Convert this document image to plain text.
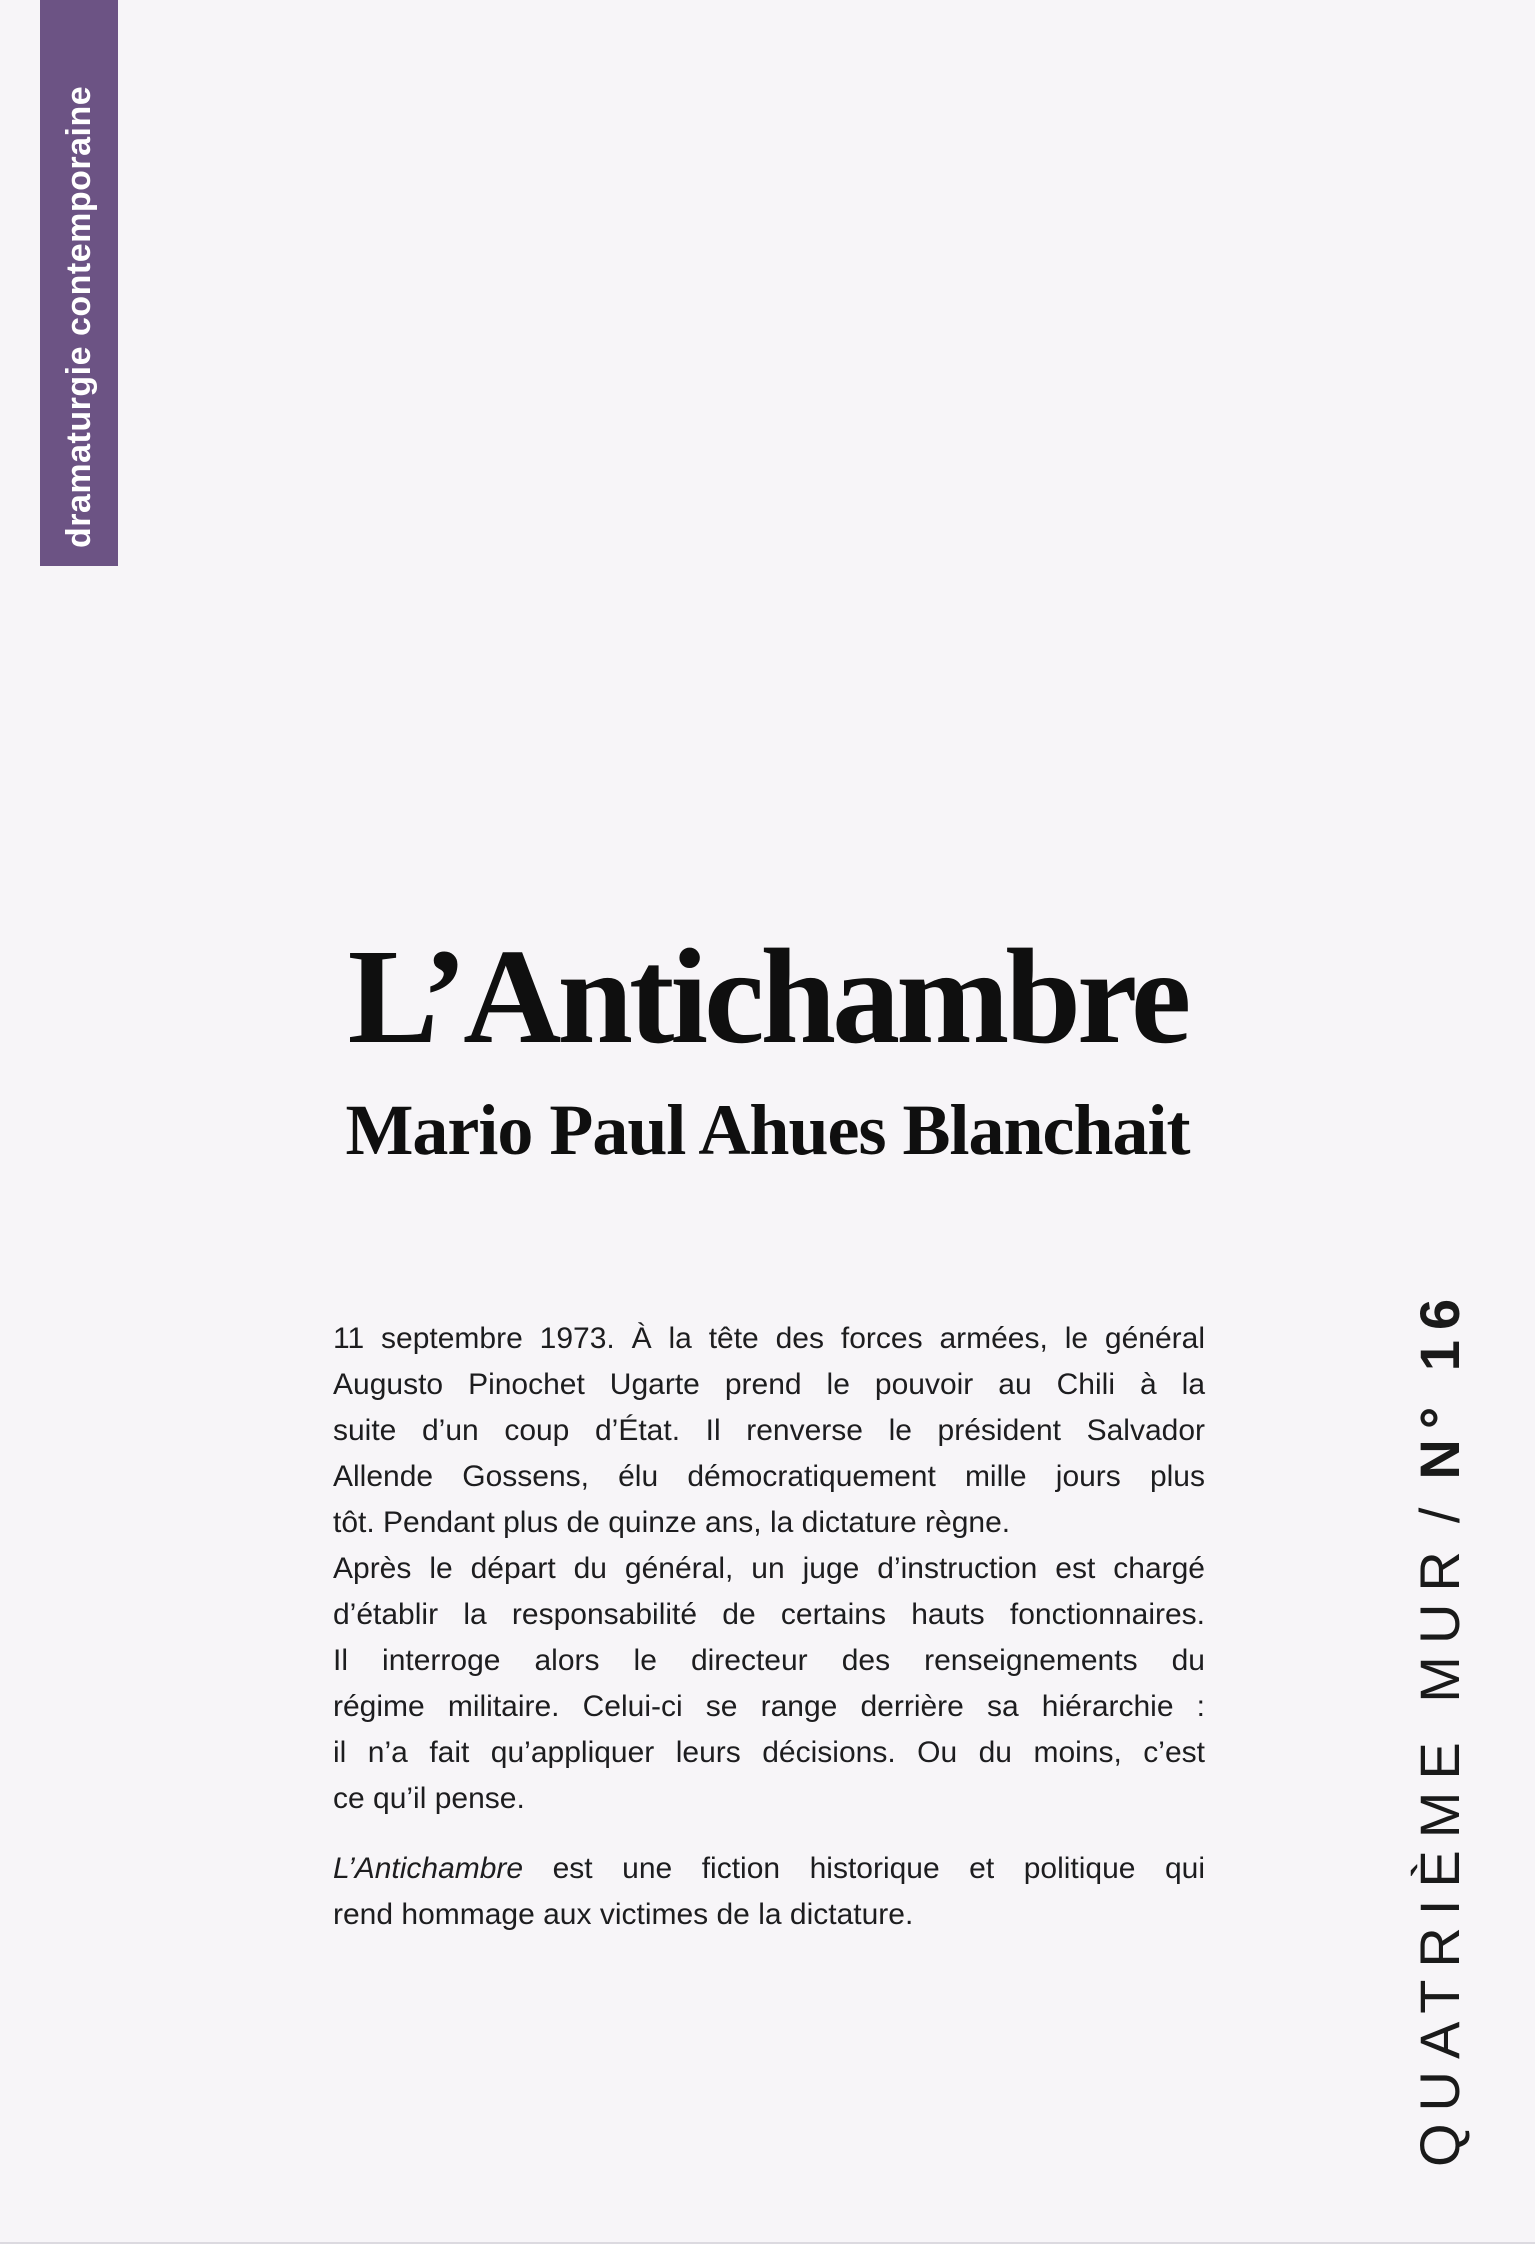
dramaturgie contemporaine
L’Antichambre
Mario Paul Ahues Blanchait
11 septembre 1973. À la tête des forces armées, le général
Augusto Pinochet Ugarte prend le pouvoir au Chili à la
suite d’un coup d’État. Il renverse le président Salvador
Allende Gossens, élu démocratiquement mille jours plus
tôt. Pendant plus de quinze ans, la dictature règne.
Après le départ du général, un juge d’instruction est chargé
d’établir la responsabilité de certains hauts fonctionnaires.
Il interroge alors le directeur des renseignements du
régime militaire. Celui-ci se range derrière sa hiérarchie :
il n’a fait qu’appliquer leurs décisions. Ou du moins, c’est
ce qu’il pense.
L’Antichambre est une fiction historique et politique qui
rend hommage aux victimes de la dictature.	QUATRIÈME MUR/N° 16
